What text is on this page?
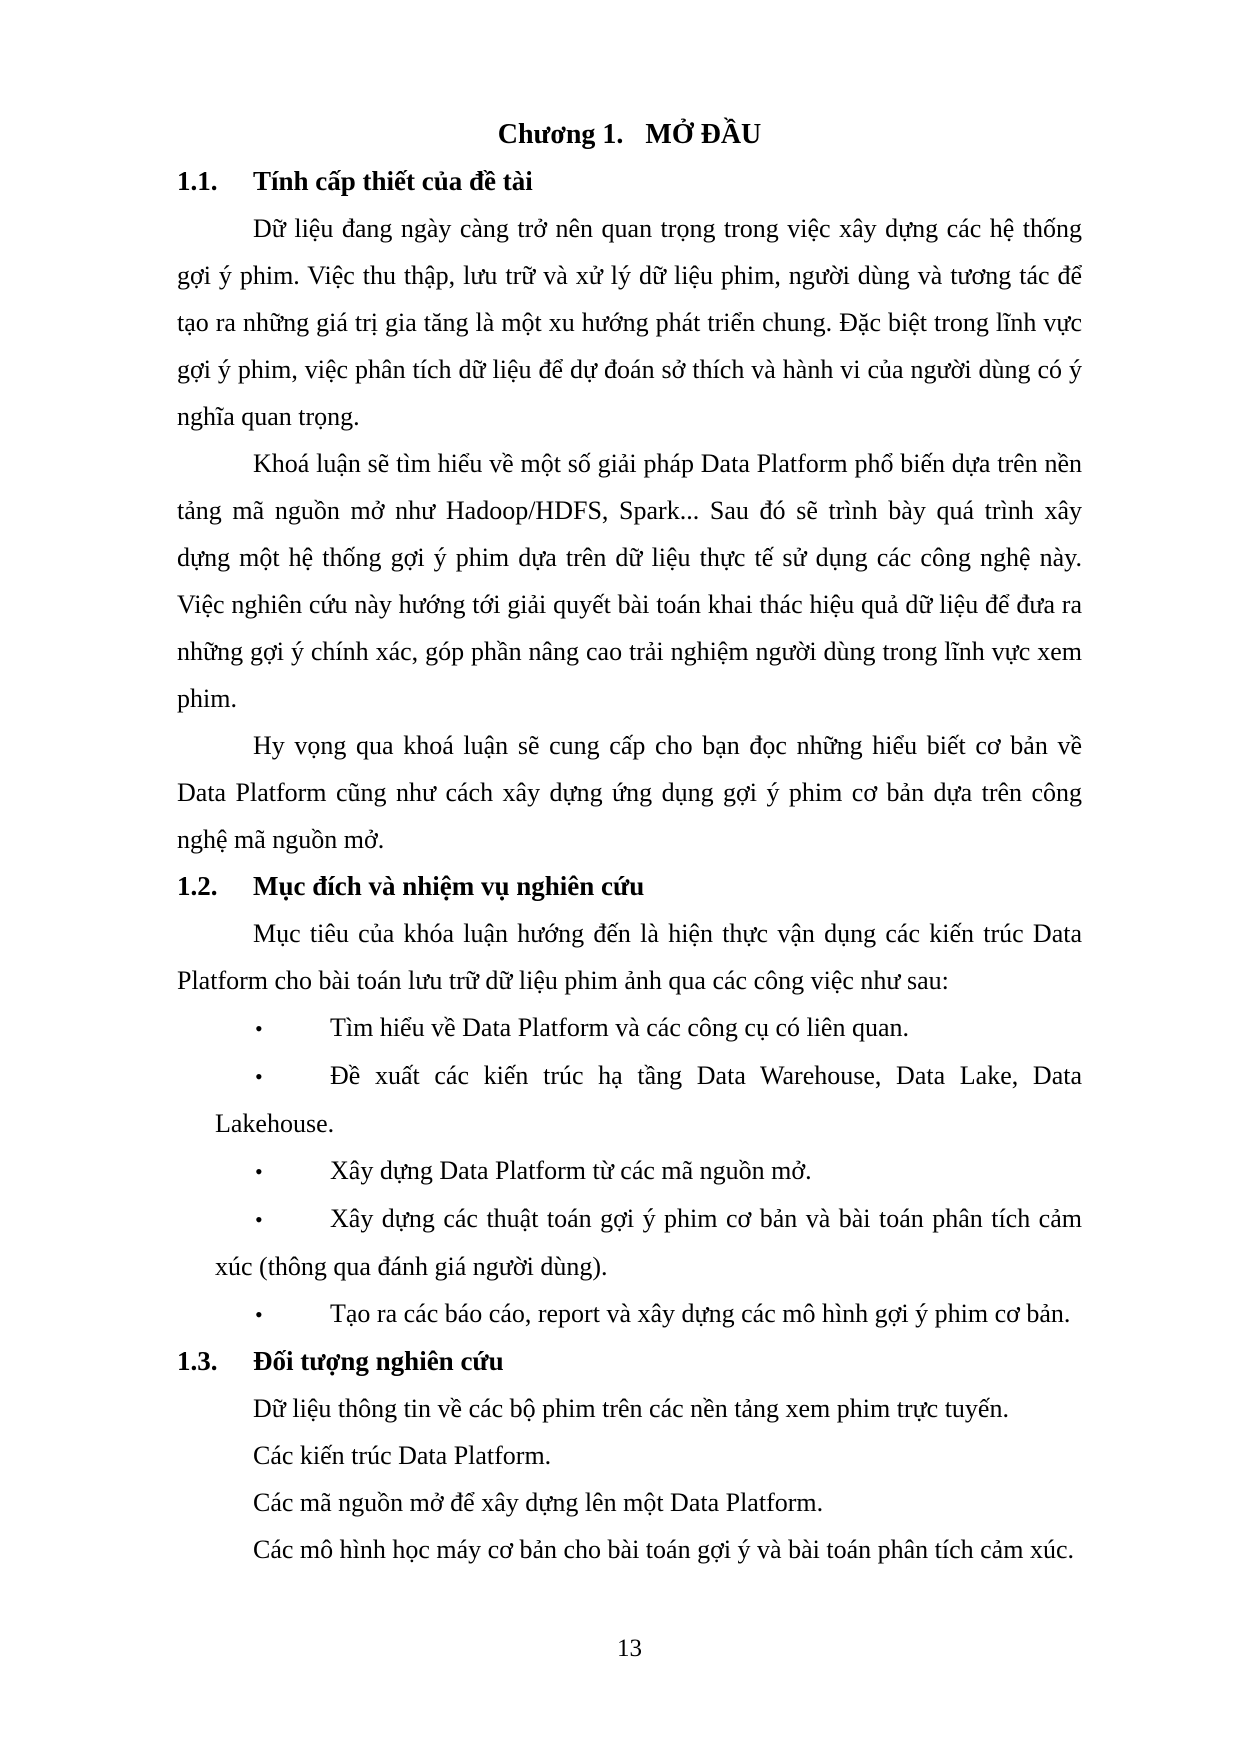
Chương 1. MỞ ĐẦU
1.1. Tính cấp thiết của đề tài

Dữ liệu đang ngày càng trở nên quan trọng trong việc xây dựng các hệ thống gợi ý phim. Việc thu thập, lưu trữ và xử lý dữ liệu phim, người dùng và tương tác để tạo ra những giá trị gia tăng là một xu hướng phát triển chung. Đặc biệt trong lĩnh vực gợi ý phim, việc phân tích dữ liệu để dự đoán sở thích và hành vi của người dùng có ý nghĩa quan trọng.

Khoá luận sẽ tìm hiểu về một số giải pháp Data Platform phổ biến dựa trên nền tảng mã nguồn mở như Hadoop/HDFS, Spark... Sau đó sẽ trình bày quá trình xây dựng một hệ thống gợi ý phim dựa trên dữ liệu thực tế sử dụng các công nghệ này. Việc nghiên cứu này hướng tới giải quyết bài toán khai thác hiệu quả dữ liệu để đưa ra những gợi ý chính xác, góp phần nâng cao trải nghiệm người dùng trong lĩnh vực xem phim.

Hy vọng qua khoá luận sẽ cung cấp cho bạn đọc những hiểu biết cơ bản về Data Platform cũng như cách xây dựng ứng dụng gợi ý phim cơ bản dựa trên công nghệ mã nguồn mở.

1.2. Mục đích và nhiệm vụ nghiên cứu

Mục tiêu của khóa luận hướng đến là hiện thực vận dụng các kiến trúc Data Platform cho bài toán lưu trữ dữ liệu phim ảnh qua các công việc như sau:

•	Tìm hiểu về Data Platform và các công cụ có liên quan.
•	Đề xuất các kiến trúc hạ tầng Data Warehouse, Data Lake, Data Lakehouse.
•	Xây dựng Data Platform từ các mã nguồn mở.
•	Xây dựng các thuật toán gợi ý phim cơ bản và bài toán phân tích cảm xúc (thông qua đánh giá người dùng).
•	Tạo ra các báo cáo, report và xây dựng các mô hình gợi ý phim cơ bản.
1.3. Đối tượng nghiên cứu

Dữ liệu thông tin về các bộ phim trên các nền tảng xem phim trực tuyến.

Các kiến trúc Data Platform.

Các mã nguồn mở để xây dựng lên một Data Platform.

Các mô hình học máy cơ bản cho bài toán gợi ý và bài toán phân tích cảm xúc.

13
